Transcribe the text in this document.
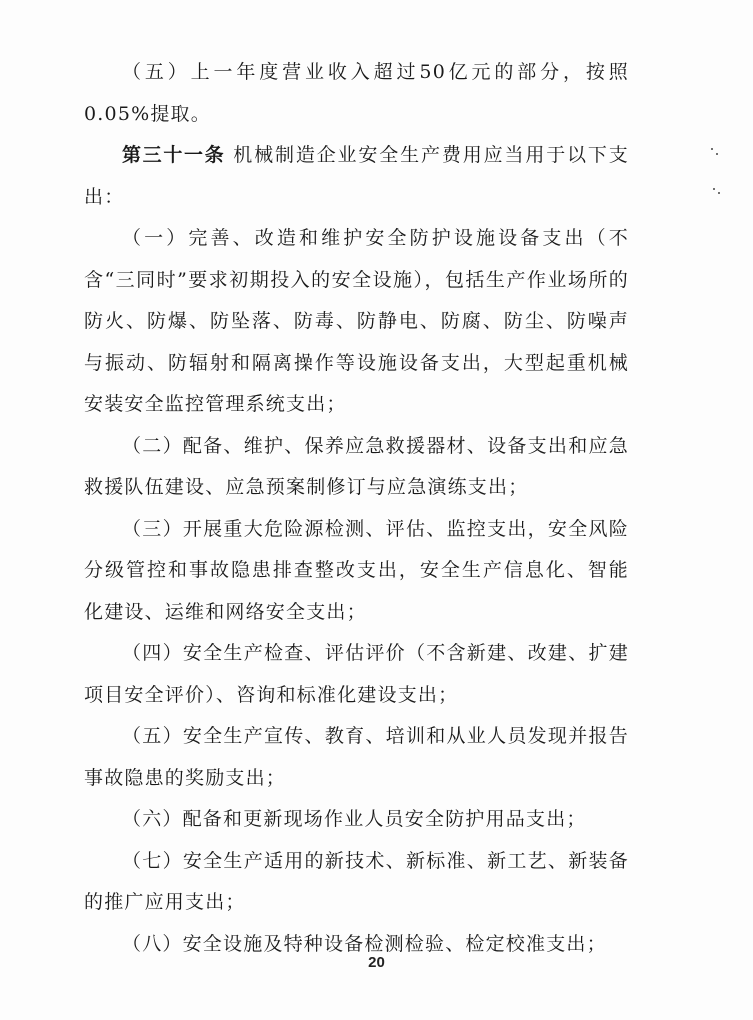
（五）上一年度营业收入超过50亿元的部分，按照0.05%提取。

第三十一条 机械制造企业安全生产费用应当用于以下支出：

（一）完善、改造和维护安全防护设施设备支出（不含“三同时”要求初期投入的安全设施），包括生产作业场所的防火、防爆、防坠落、防毒、防静电、防腐、防尘、防噪声与振动、防辐射和隔离操作等设施设备支出，大型起重机械安装安全监控管理系统支出；

（二）配备、维护、保养应急救援器材、设备支出和应急救援队伍建设、应急预案制修订与应急演练支出；

（三）开展重大危险源检测、评估、监控支出，安全风险分级管控和事故隐患排查整改支出，安全生产信息化、智能化建设、运维和网络安全支出；

（四）安全生产检查、评估评价（不含新建、改建、扩建项目安全评价）、咨询和标准化建设支出；

（五）安全生产宣传、教育、培训和从业人员发现并报告事故隐患的奖励支出；

（六）配备和更新现场作业人员安全防护用品支出；

（七）安全生产适用的新技术、新标准、新工艺、新装备的推广应用支出；

（八）安全设施及特种设备检测检验、检定校准支出；

20
